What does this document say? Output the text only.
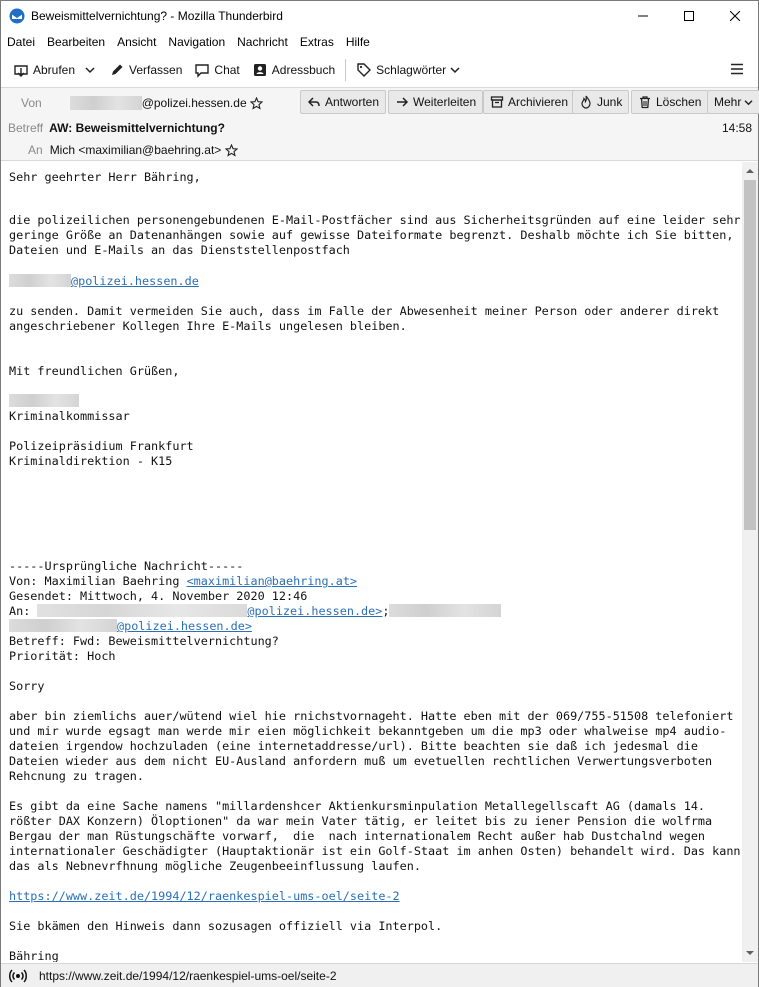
Beweismittelvernichtung? - Mozilla Thunderbird
Datei Bearbeiten Ansicht Navigation Nachricht Extras Hilfe
Abrufen	Verfassen	Chat	Adressbuch	Schlagwörter
Von	@polizei.hessen.de	Antworten	Weiterleiten	Archivieren Junk	Löschen Mehr
Betreff AW: Beweismittelvernichtung?	14:58
An Mich <maximilian@baehring.at>
Sehr geehrter Herr Bähring,
die polizeilichen personengebundenen E-Mail-Postfächer sind aus Sicherheitsgründen auf eine leider sehr
geringe Größe an Datenanhängen sowie auf gewisse Dateiformate begrenzt. Deshalb möchte ich Sie bitten,
Dateien und E-Mails an das Dienststellenpostfach
@polizei.hessen.de
zu senden. Damit vermeiden Sie auch, dass im Falle der Abwesenheit meiner Person oder anderer direkt
angeschriebener Kollegen Ihre E-Mails ungelesen bleiben.
Mit freundlichen Grüßen,
Kriminalkommissar
Polizeipräsidium Frankfurt
Kriminaldirektion - K15
-----Ursprüngliche Nachricht-----
Von: Maximilian Baehring <maximilian@baehring.at>
Gesendet: Mittwoch, 4. November 2020 12:46
An:	@polizei.hessen.de>;
@polizei.hessen.de>
Betreff: Fwd: Beweismittelvernichtung?
Priorität: Hoch
Sorry
aber bin ziemlichs auer/wütend wiel hie rnichstvornageht. Hatte eben mit der 069/755-51508 telefoniert
und mir wurde egsagt man werde mir eien möglichkeit bekanntgeben um die mp3 oder whalweise mp4 audio-
dateien irgendow hochzuladen (eine internetaddresse/url). Bitte beachten sie daß ich jedesmal die
Dateien wieder aus dem nicht EU-Ausland anfordern muß um evetuellen rechtlichen Verwertungsverboten
Rehcnung zu tragen.
Es gibt da eine Sache namens "millardenshcer Aktienkursminpulation Metallegellscaft AG (damals 14.
rößter DAX Konzern) Öloptionen" da war mein Vater tätig, er leitet bis zu iener Pension die wolfrma
Bergau der man Rüstungschäfte vorwarf,  die  nach internationalem Recht außer hab Dustchalnd wegen
internationaler Geschädigter (Hauptaktionär ist ein Golf-Staat im anhen Osten) behandelt wird. Das kann
das als Nebnevrfhnung mögliche Zeugenbeeinflussung laufen.
https://www.zeit.de/1994/12/raenkespiel-ums-oel/seite-2
Sie bkämen den Hinweis dann sozusagen offiziell via Interpol.
Bähring
https://www.zeit.de/1994/12/raenkespiel-ums-oel/seite-2
